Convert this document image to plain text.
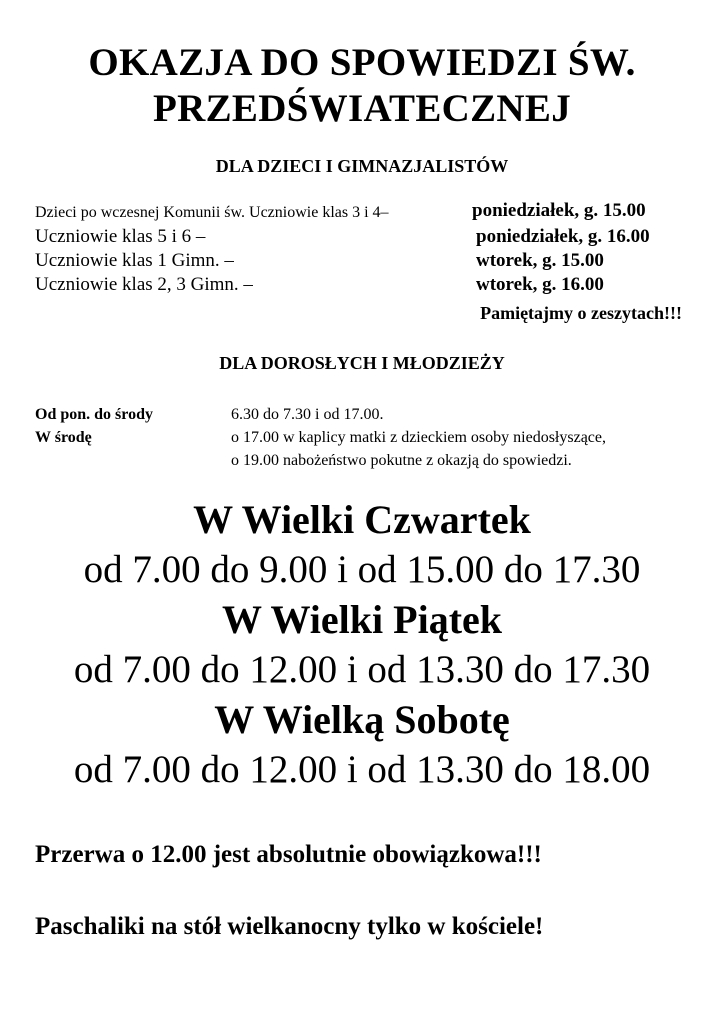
OKAZJA DO SPOWIEDZI ŚW.
PRZEDŚWIATECZNEJ
DLA DZIECI I GIMNAZJALISTÓW
Dzieci po wczesnej Komunii św. Uczniowie klas 3 i 4–	poniedziałek, g. 15.00
Uczniowie klas 5 i 6 –	poniedziałek, g. 16.00
Uczniowie klas 1 Gimn. –	wtorek, g. 15.00
Uczniowie klas 2, 3 Gimn. –	wtorek, g. 16.00
Pamiętajmy o zeszytach!!!
DLA DOROSŁYCH I MŁODZIEŻY
Od pon. do środy	6.30 do 7.30 i od 17.00.
W środę	o 17.00 w kaplicy matki z dzieckiem osoby niedosłyszące,
o 19.00 nabożeństwo pokutne z okazją do spowiedzi.
W Wielki Czwartek
od 7.00 do 9.00 i od 15.00 do 17.30
W Wielki Piątek
od 7.00 do 12.00 i od 13.30 do 17.30
W Wielką Sobotę
od 7.00 do 12.00 i od 13.30 do 18.00
Przerwa o 12.00 jest absolutnie obowiązkowa!!!
Paschaliki na stół wielkanocny tylko w kościele!
